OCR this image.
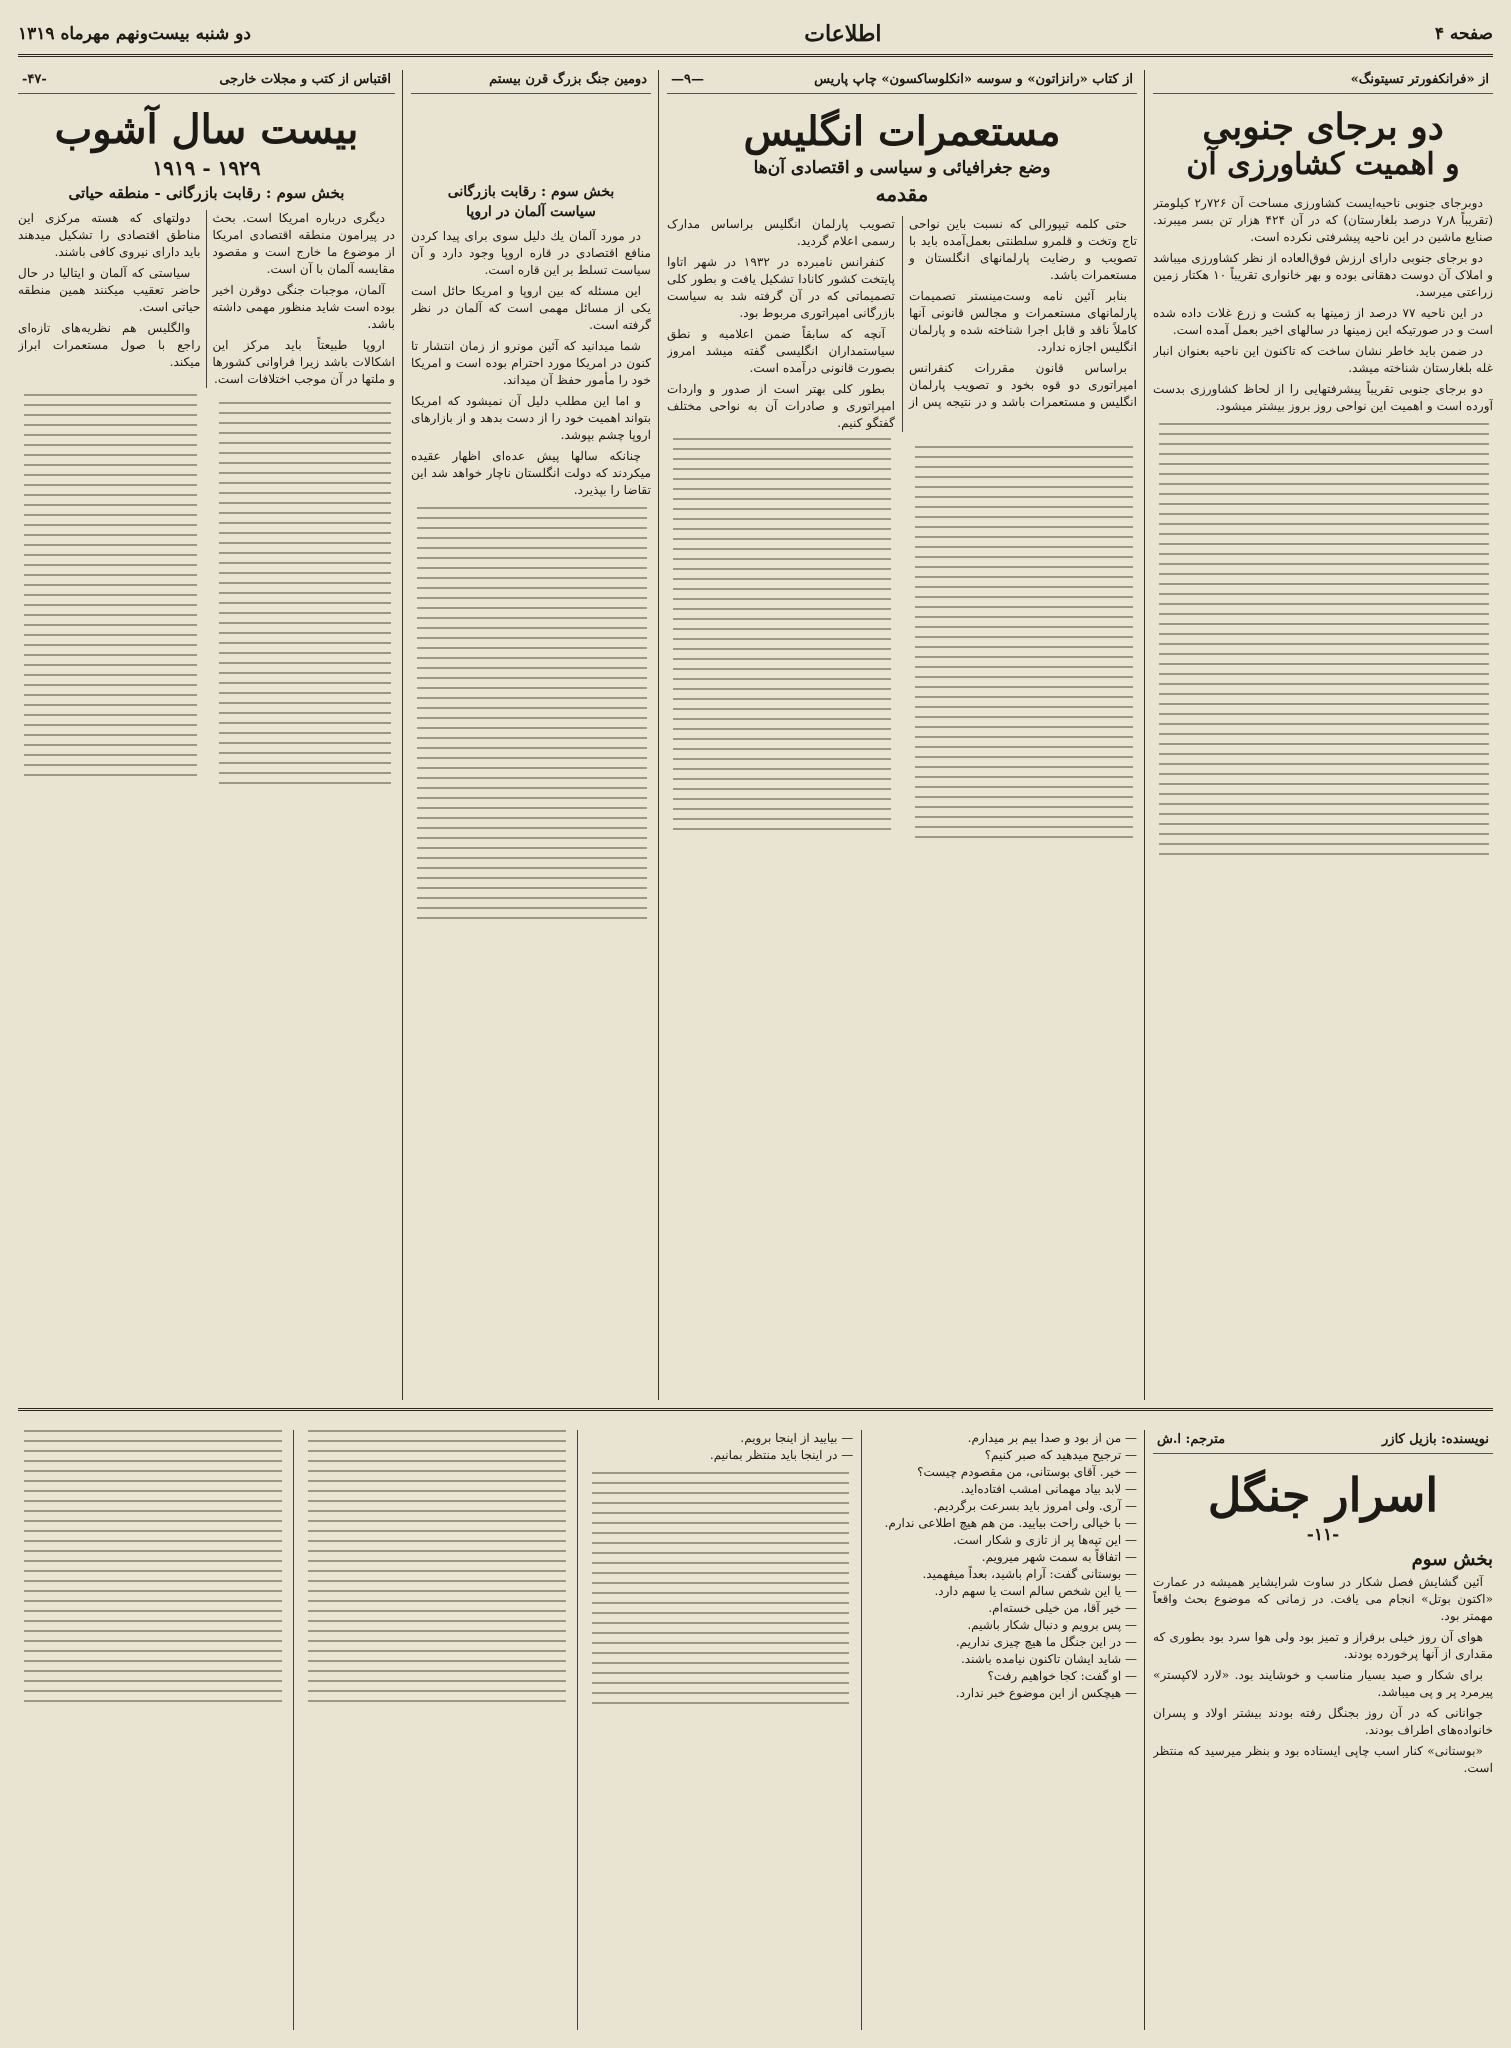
صفحه ۴
اطلاعات
دو شنبه بیست‌ونهم مهرماه ۱۳۱۹
از «فرانکفورتر تسیتونگ»
دو برجای جنوبی
و اهمیت کشاورزی آن

دوبرجای جنوبی ناحیه‌ایست کشاورزی مساحت آن ۷۲۶ر۲ کیلومتر (تقریباً ۸ر۷ درصد بلغارستان) که در آن ۴۲۴ هزار تن بسر میبرند. صنایع ماشین در این ناحیه پیشرفتی نکرده است.

دو برجای جنوبی دارای ارزش فوق‌العاده از نظر کشاورزی میباشد و املاک آن دوست دهقانی بوده و بهر خانواری تقریباً ۱۰ هکتار زمین زراعتی میرسد.

در این ناحیه ۷۷ درصد از زمینها به کشت و زرع غلات داده شده است و در صورتیکه این زمینها در سالهای اخیر بعمل آمده است.

در ضمن باید خاطر نشان ساخت که تاکنون این ناحیه بعنوان انبار غله بلغارستان شناخته میشد.

دو برجای جنوبی تقریباً پیشرفتهایی را از لحاظ کشاورزی بدست آورده است و اهمیت این نواحی روز بروز بیشتر میشود.

از کتاب «رانزاتون» و سوسه «انکلوساکسون» چاپ پاریس
—۹—
مستعمرات انگلیس
وضع جغرافیائی و سیاسی و اقتصادی آن‌ها
مقدمه

حتی کلمه تیپورالی که نسبت باین نواحی تاج وتخت و قلمرو سلطنتی بعمل‌آمده باید با تصویب و رضایت پارلمانهای انگلستان و مستعمرات باشد.

بنابر آئین نامه وست‌مینستر تصمیمات پارلمانهای مستعمرات و مجالس قانونی آنها کاملاً ناقد و قابل اجرا شناخته شده و پارلمان انگلیس اجازه ندارد.

براساس قانون مقررات کنفرانس امپراتوری دو قوه بخود و تصویب پارلمان انگلیس و مستعمرات باشد و در نتیجه پس از تصویب پارلمان انگلیس براساس مدارک رسمی اعلام گردید.

کنفرانس نامبرده در ۱۹۳۲ در شهر اتاوا پایتخت کشور کانادا تشکیل یافت و بطور کلی تصمیماتی که در آن گرفته شد به سیاست بازرگانی امپراتوری مربوط بود.

آنچه که سابقاً ضمن اعلامیه و نطق سیاستمداران انگلیسی گفته میشد امروز بصورت قانونی درآمده است.

بطور کلی بهتر است از صدور و واردات امپراتوری و صادرات آن به نواحی مختلف گفتگو کنیم.

دومین جنگ بزرگ قرن بیستم
بخش سوم : رقابت بازرگانی
سیاست آلمان در اروپا

در مورد آلمان یك دلیل سوی برای پیدا کردن منافع اقتصادی در قاره اروپا وجود دارد و آن سیاست تسلط بر این قاره است.

این مسئله که بین اروپا و امریکا حائل است یکی از مسائل مهمی است که آلمان در نظر گرفته است.

شما میدانید که آئین مونرو از زمان انتشار تا کنون در امریکا مورد احترام بوده است و امریکا خود را مأمور حفظ آن میداند.

و اما این مطلب دلیل آن نمیشود که امریکا بتواند اهمیت خود را از دست بدهد و از بازارهای اروپا چشم بپوشد.

چنانکه سالها پیش عده‌ای اظهار عقیده میکردند که دولت انگلستان ناچار خواهد شد این تقاضا را بپذیرد.

اقتباس از کتب و مجلات خارجی
-۴۷-
بیست سال آشوب
۱۹۲۹ - ۱۹۱۹
بخش سوم : رقابت بازرگانی - منطقه حیاتی

دیگری درباره امریکا است. بحث در پیرامون منطقه اقتصادی امریکا از موضوع ما خارج است و مقصود مقایسه آلمان با آن است.

آلمان، موجبات جنگی دوقرن اخیر بوده است شاید منظور مهمی داشته باشد.

اروپا طبیعتاً باید مرکز این اشکالات باشد زیرا فراوانی کشورها و ملتها در آن موجب اختلافات است.

دولتهای که هسته مرکزی این مناطق اقتصادی را تشکیل میدهند باید دارای نیروی کافی باشند.

سیاستی که آلمان و ایتالیا در حال حاضر تعقیب میکنند همین منطقه حیاتی است.

والگلیس هم نظریه‌های تازه‌ای راجع با صول مستعمرات ابراز میکند.

نویسنده: بازیل کازر
مترجم: ا.ش
اسرار جنگل
-۱۱-
بخش سوم

آئین گشایش فصل شکار در ساوت شرایشایر همیشه در عمارت «اکتون بوتل» انجام می یافت. در زمانی که موضوع بحث واقعاً مهمتر بود.

هوای آن روز خیلی برفراز و تمیز بود ولی هوا سرد بود بطوری که مقداری از آنها پرخورده بودند.

برای شکار و صید بسیار مناسب و خوشایند بود. «لارد لاکپستر» پیرمرد پر و پی میباشد.

جوانانی که در آن روز بجنگل رفته بودند بیشتر اولاد و پسران خانواده‌های اطراف بودند.

«بوستانی» کنار اسب چاپی ایستاده بود و بنظر میرسید که منتظر است.

— من از بود و صدا بیم بر میدارم.
— ترجیح میدهید که صبر کنیم؟
— خیر. آقای بوستانی، من مقصودم چیست؟
— لابد بیاد مهمانی امشب افتاده‌اید.
— آری. ولی امروز باید بسرعت برگردیم.
— با خیالی راحت بیایید. من هم هیچ اطلاعی ندارم.
— این تپه‌ها پر از تازی و شکار است.
— اتفاقاً به سمت شهر میرویم.
— بوستانی گفت: آرام باشید، بعداً میفهمید.
— یا این شخص سالم است یا سهم دارد.
— خیر آقا، من خیلی خسته‌ام.
— پس برویم و دنبال شکار باشیم.
— در این جنگل ما هیچ چیزی نداریم.
— شاید ایشان تاکنون نیامده باشند.
— او گفت: کجا خواهیم رفت؟
— هیچکس از این موضوع خبر ندارد.
— بیایید از اینجا برویم.
— در اینجا باید منتظر بمانیم.
